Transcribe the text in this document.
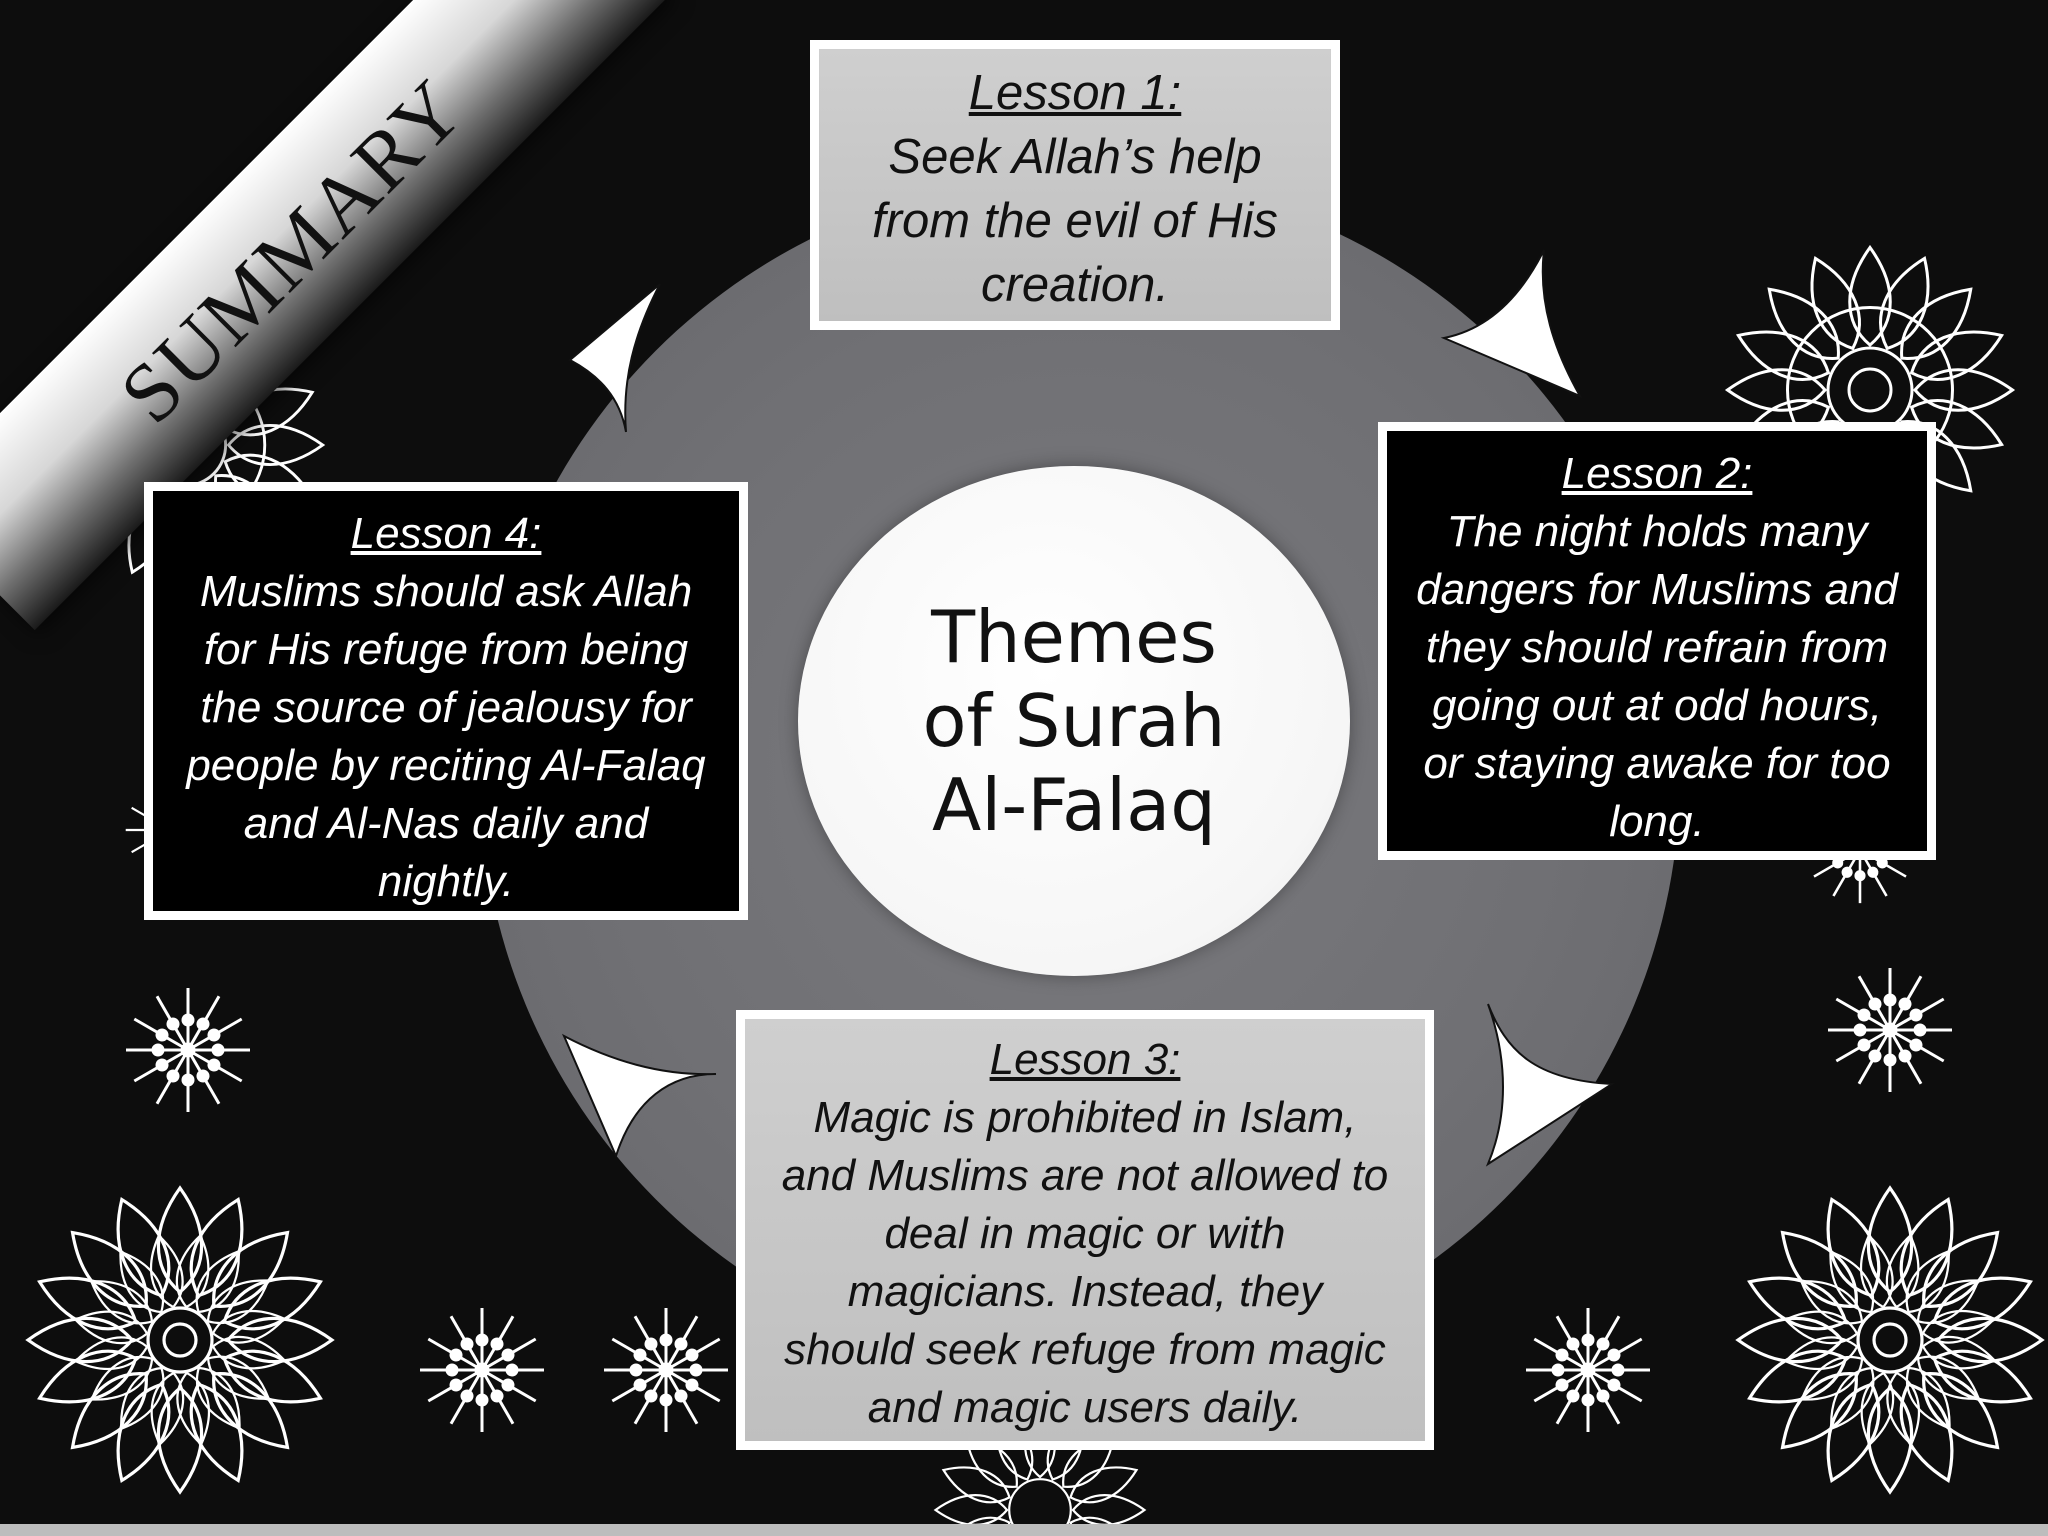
SUMMARY
Themes
of Surah
Al-Falaq
Lesson 1:
Seek Allah’s help
from the evil of His
creation.
Lesson 2:
The night holds many
dangers for Muslims and
they should refrain from
going out at odd hours,
or staying awake for too
long.
Lesson 3:
Magic is prohibited in Islam,
and Muslims are not allowed to
deal in magic or with
magicians. Instead, they
should seek refuge from magic
and magic users daily.
Lesson 4:
Muslims should ask Allah
for His refuge from being
the source of jealousy for
people by reciting Al-Falaq
and Al-Nas daily and
nightly.
